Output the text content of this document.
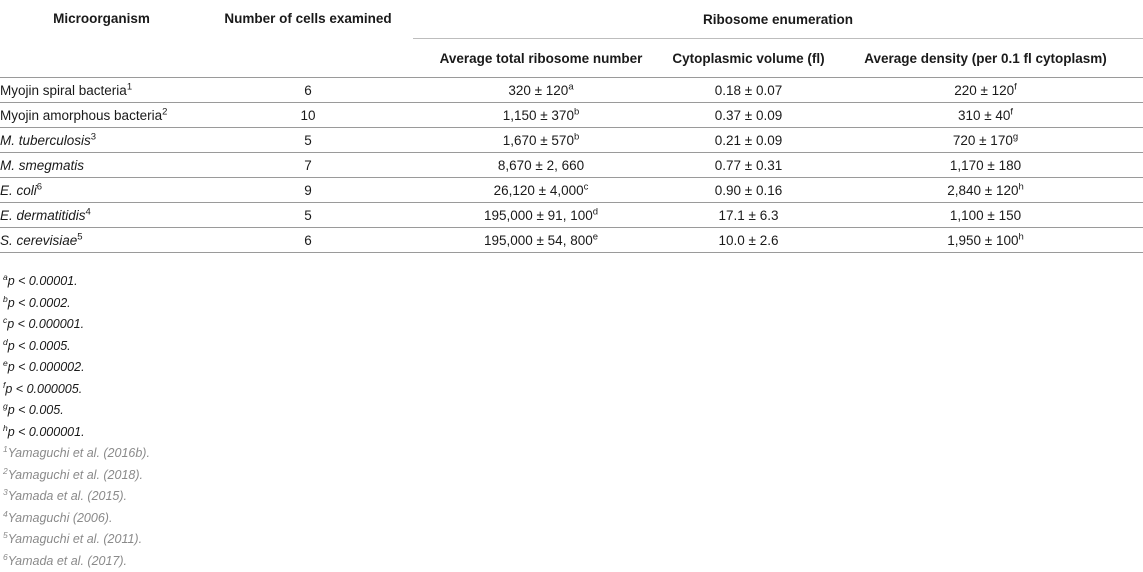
Microorganism	Number of cells examined	Ribosome enumeration		
		Average total ribosome number	Cytoplasmic volume (fl)	Average density (per 0.1 fl cytoplasm)
Myojin spiral bacteria$^1$	6	$320 \pm 120^a$	0.18 ± 0.07	$220 \pm 120^f$
Myojin amorphous bacteria$^2$	10	$1,150 \pm 370^b$	0.37 ± 0.09	$310 \pm 40^f$
M. tuberculosis$^3$	5	$1,670 \pm 570^b$	0.21 ± 0.09	$720 \pm 170^g$
M. smegmatis	7	8,670 ± 2, 660	0.77 ± 0.31	1,170 ± 180
E. coli$^6$	9	26,120 ± 4,000$^c$	0.90 ± 0.16	$2,840 \pm 120^h$
E. dermatitidis$^4$	5	195,000 ± 91, 100$^d$	17.1 ± 6.3	1,100 ± 150
S. cerevisiae$^5$	6	195,000 ± 54, 800e	10.0 ± 2.6	$1,950 \pm 100^h$
$^a$p < 0.00001.
$^b$p < 0.0002.
$^c$p < 0.000001.
$^d$p < 0.0005.
$^e$p < 0.000002.
$^f$p < 0.000005.
$^g$p < 0.005.
$^h$p < 0.000001.
$^1$Yamaguchi et al. (2016b).
$^2$Yamaguchi et al. (2018).
$^3$Yamada et al. (2015).
$^4$Yamaguchi (2006).
$^5$Yamaguchi et al. (2011).
$^6$Yamada et al. (2017).
